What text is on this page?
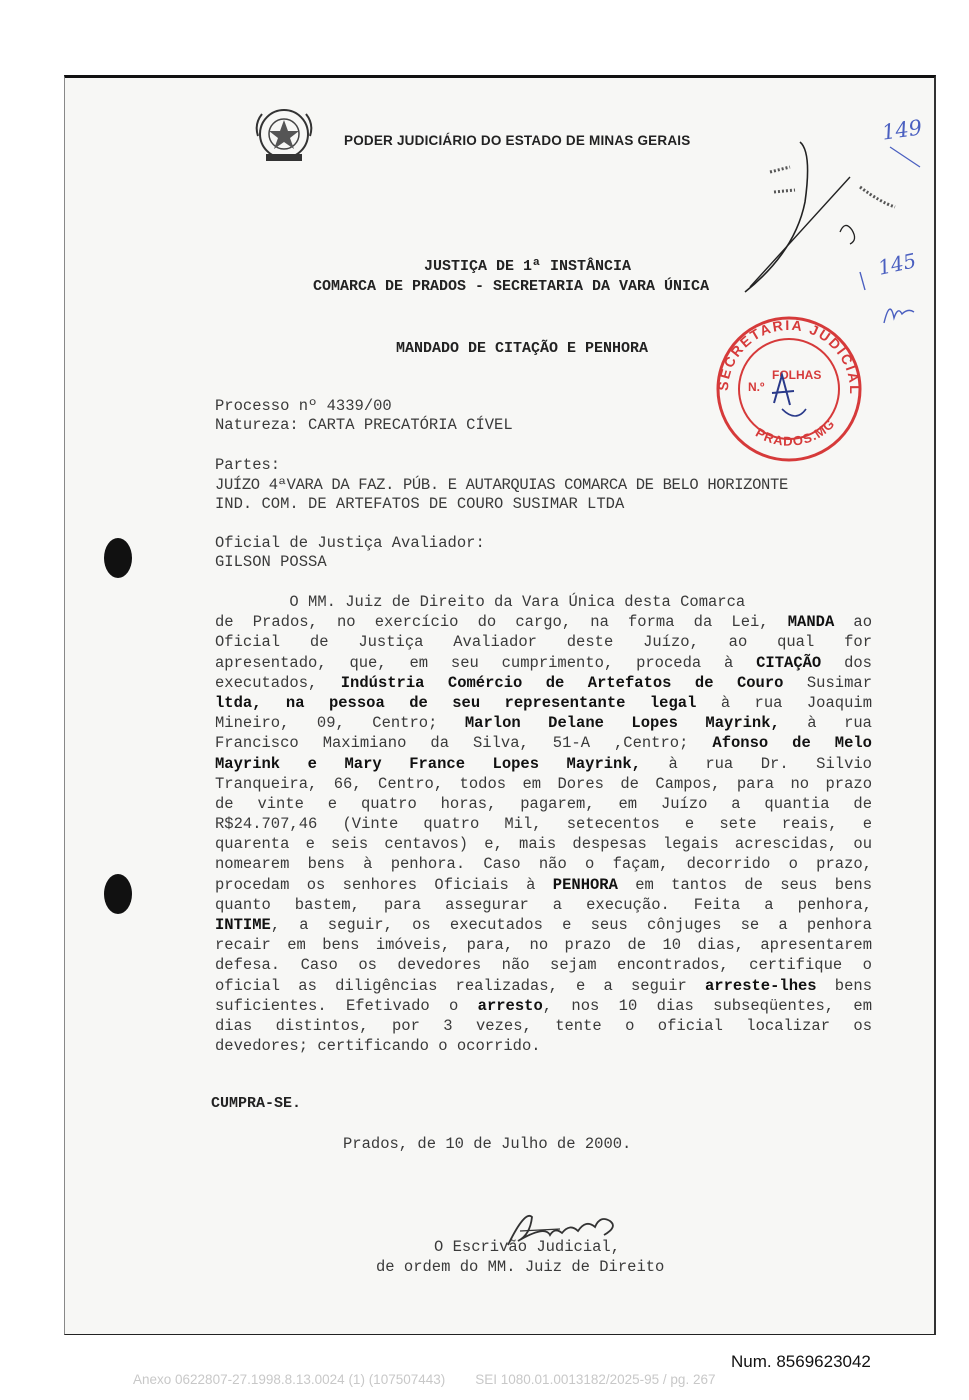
PODER JUDICIÁRIO DO ESTADO DE MINAS GERAIS
JUSTIÇA DE 1ª INSTÂNCIA
COMARCA DE PRADOS - SECRETARIA DA VARA ÚNICA
MANDADO DE CITAÇÃO E PENHORA
Processo nº 4339/00
Natureza: CARTA PRECATÓRIA CÍVEL
Partes:
JUÍZO 4ªVARA DA FAZ. PÚB. E AUTARQUIAS COMARCA DE BELO HORIZONTE
IND. COM. DE ARTEFATOS DE COURO SUSIMAR LTDA
Oficial de Justiça Avaliador:
GILSON POSSA
O MM. Juiz de Direito da Vara Única desta Comarca
de Prados, no exercício do cargo, na forma da Lei, MANDA ao
Oficial de Justiça Avaliador deste Juízo, ao qual for
apresentado, que, em seu cumprimento, proceda à CITAÇÃO dos
executados, Indústria Comércio de Artefatos de Couro Susimar
ltda, na pessoa de seu representante legal à rua Joaquim
Mineiro, 09, Centro; Marlon Delane Lopes Mayrink, à rua
Francisco Maximiano da Silva, 51-A ,Centro; Afonso de Melo
Mayrink e Mary France Lopes Mayrink, à rua Dr. Silvio
Tranqueira, 66, Centro, todos em Dores de Campos, para no prazo
de vinte e quatro horas, pagarem, em Juízo a quantia de
R$24.707,46 (Vinte quatro Mil, setecentos e sete reais, e
quarenta e seis centavos) e, mais despesas legais acrescidas, ou
nomearem bens à penhora. Caso não o façam, decorrido o prazo,
procedam os senhores Oficiais à PENHORA em tantos de seus bens
quanto bastem, para assegurar a execução. Feita a penhora,
INTIME, a seguir, os executados e seus cônjuges se a penhora
recair em bens imóveis, para, no prazo de 10 dias, apresentarem
defesa. Caso os devedores não sejam encontrados, certifique o
oficial as diligências realizadas, e a seguir arreste-lhes bens
suficientes. Efetivado o arresto, nos 10 dias subseqüentes, em
dias distintos, por 3 vezes, tente o oficial localizar os
devedores; certificando o ocorrido.
CUMPRA-SE.
Prados, de 10 de Julho de 2000.
O Escrivão Judicial,
de ordem do MM. Juiz de Direito
149
145
SECRETARIA JUDICIAL
PRADOS.MG
FOLHAS
N.º
Num. 8569623042
Anexo 0622807-27.1998.8.13.0024 (1) (107507443)        SEI 1080.01.0013182/2025-95 / pg. 267
